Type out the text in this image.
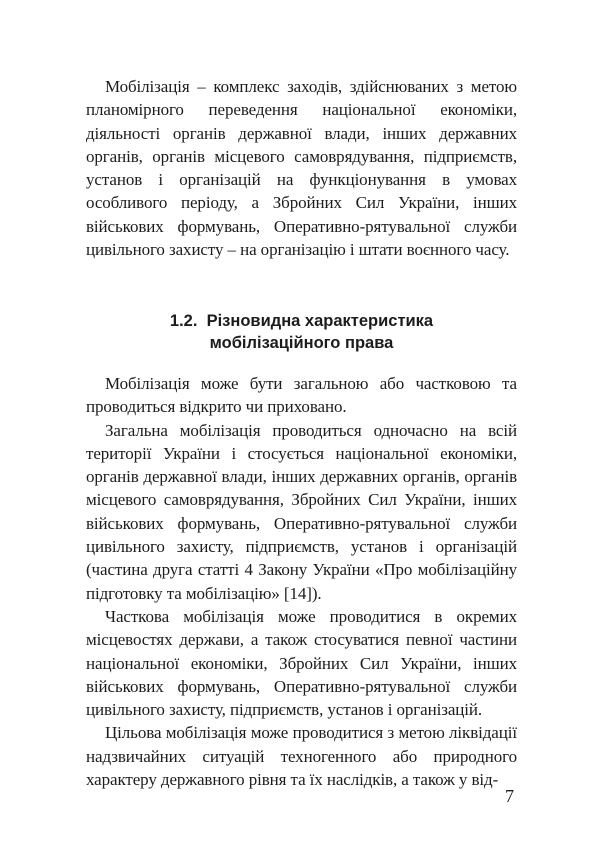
Мобілізація – комплекс заходів, здійснюваних з метою планомірного переведення національної економіки, діяльності органів державної влади, інших державних органів, органів місцевого самоврядування, підприємств, установ і організацій на функціонування в умовах особливого періоду, а Збройних Сил України, інших військових формувань, Оперативно-рятувальної служби цивільного захисту – на організацію і штати воєнного часу.

1.2. Різновидна характеристика
мобілізаційного права

Мобілізація може бути загальною або частковою та проводиться відкрито чи приховано.

Загальна мобілізація проводиться одночасно на всій території України і стосується національної економіки, органів державної влади, інших державних органів, органів місцевого самоврядування, Збройних Сил України, інших військових формувань, Оперативно-рятувальної служби цивільного захисту, підприємств, установ і організацій (частина друга статті 4 Закону України «Про мобілізаційну підготовку та мобілізацію» [14]).

Часткова мобілізація може проводитися в окремих місцевостях держави, а також стосуватися певної частини національної економіки, Збройних Сил України, інших військових формувань, Оперативно-рятувальної служби цивільного захисту, підприємств, установ і організацій.

Цільова мобілізація може проводитися з метою ліквідації надзвичайних ситуацій техногенного або природного характеру державного рівня та їх наслідків, а також у від-

7
